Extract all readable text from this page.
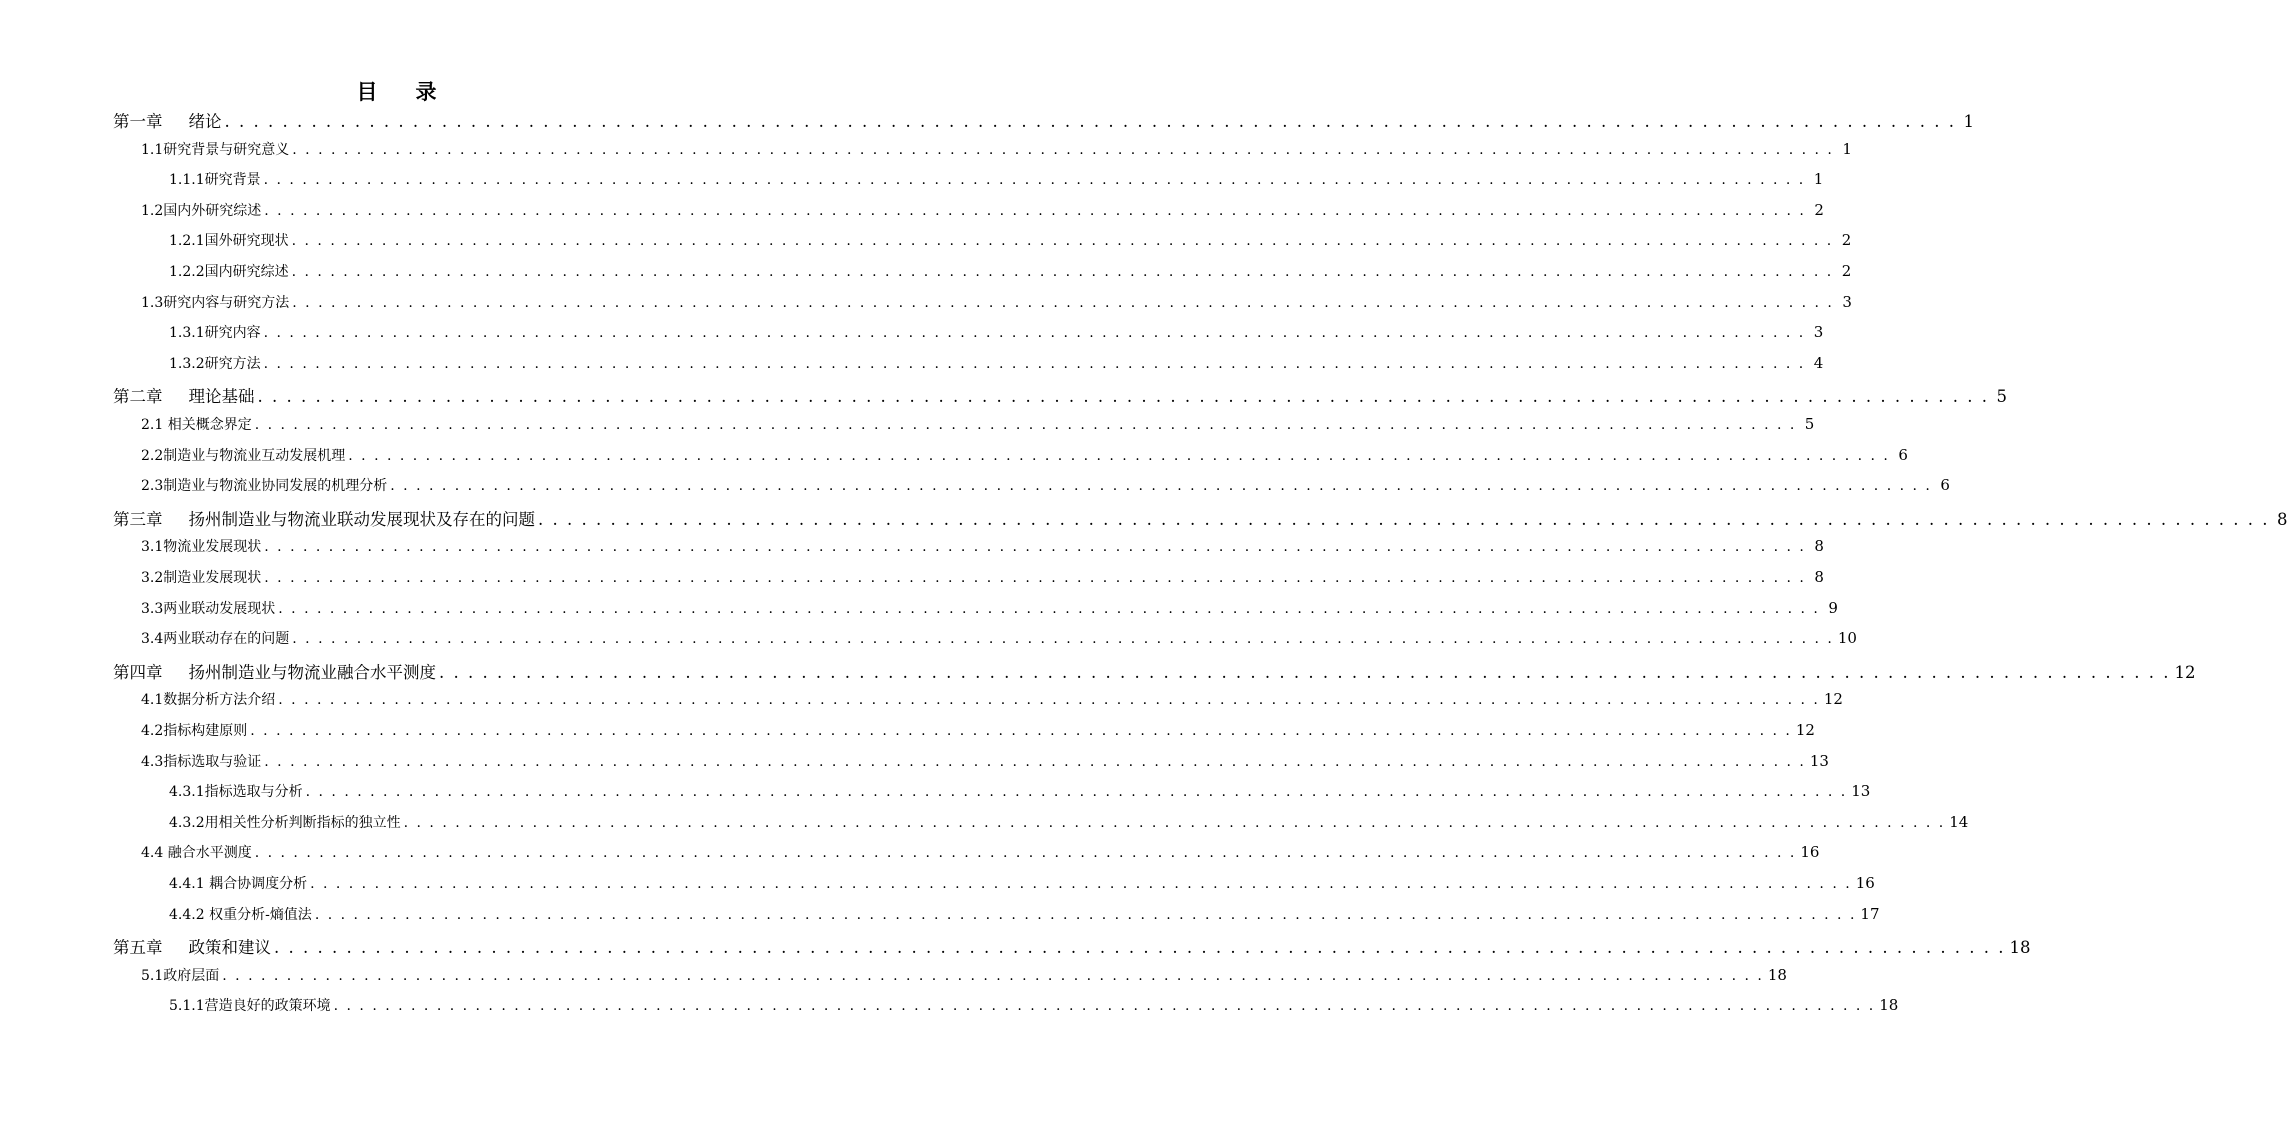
目 录
第一章 绪论 . . . . . . . . . . . . . . . . . . . . . . . . . . . . . . . . . . . . . . . . . . . . . . . . . . . . . . . . . . . . . . . . . . . . . . . . . . . . . . . . . . . . . . . . . . . . . . . . . . . . . . . . . . . . . . . . . . . . . . . . 1
1.1研究背景与研究意义 . . . . . . . . . . . . . . . . . . . . . . . . . . . . . . . . . . . . . . . . . . . . . . . . . . . . . . . . . . . . . . . . . . . . . . . . . . . . . . . . . . . . . . . . . . . . . . . . . . . . . . . . . . . . . . . . . . . . . . . . 1
1.1.1研究背景 . . . . . . . . . . . . . . . . . . . . . . . . . . . . . . . . . . . . . . . . . . . . . . . . . . . . . . . . . . . . . . . . . . . . . . . . . . . . . . . . . . . . . . . . . . . . . . . . . . . . . . . . . . . . . . . . . . . . . . . . 1
1.2国内外研究综述 . . . . . . . . . . . . . . . . . . . . . . . . . . . . . . . . . . . . . . . . . . . . . . . . . . . . . . . . . . . . . . . . . . . . . . . . . . . . . . . . . . . . . . . . . . . . . . . . . . . . . . . . . . . . . . . . . . . . . . . . 2
1.2.1国外研究现状 . . . . . . . . . . . . . . . . . . . . . . . . . . . . . . . . . . . . . . . . . . . . . . . . . . . . . . . . . . . . . . . . . . . . . . . . . . . . . . . . . . . . . . . . . . . . . . . . . . . . . . . . . . . . . . . . . . . . . . . . 2
1.2.2国内研究综述 . . . . . . . . . . . . . . . . . . . . . . . . . . . . . . . . . . . . . . . . . . . . . . . . . . . . . . . . . . . . . . . . . . . . . . . . . . . . . . . . . . . . . . . . . . . . . . . . . . . . . . . . . . . . . . . . . . . . . . . . 2
1.3研究内容与研究方法 . . . . . . . . . . . . . . . . . . . . . . . . . . . . . . . . . . . . . . . . . . . . . . . . . . . . . . . . . . . . . . . . . . . . . . . . . . . . . . . . . . . . . . . . . . . . . . . . . . . . . . . . . . . . . . . . . . . . . . . . 3
1.3.1研究内容 . . . . . . . . . . . . . . . . . . . . . . . . . . . . . . . . . . . . . . . . . . . . . . . . . . . . . . . . . . . . . . . . . . . . . . . . . . . . . . . . . . . . . . . . . . . . . . . . . . . . . . . . . . . . . . . . . . . . . . . . 3
1.3.2研究方法 . . . . . . . . . . . . . . . . . . . . . . . . . . . . . . . . . . . . . . . . . . . . . . . . . . . . . . . . . . . . . . . . . . . . . . . . . . . . . . . . . . . . . . . . . . . . . . . . . . . . . . . . . . . . . . . . . . . . . . . . 4
第二章 理论基础 . . . . . . . . . . . . . . . . . . . . . . . . . . . . . . . . . . . . . . . . . . . . . . . . . . . . . . . . . . . . . . . . . . . . . . . . . . . . . . . . . . . . . . . . . . . . . . . . . . . . . . . . . . . . . . . . . . . . . . . . 5
2.1 相关概念界定 . . . . . . . . . . . . . . . . . . . . . . . . . . . . . . . . . . . . . . . . . . . . . . . . . . . . . . . . . . . . . . . . . . . . . . . . . . . . . . . . . . . . . . . . . . . . . . . . . . . . . . . . . . . . . . . . . . . . . . . . 5
2.2制造业与物流业互动发展机理 . . . . . . . . . . . . . . . . . . . . . . . . . . . . . . . . . . . . . . . . . . . . . . . . . . . . . . . . . . . . . . . . . . . . . . . . . . . . . . . . . . . . . . . . . . . . . . . . . . . . . . . . . . . . . . . . . . . . . . . . 6
2.3制造业与物流业协同发展的机理分析 . . . . . . . . . . . . . . . . . . . . . . . . . . . . . . . . . . . . . . . . . . . . . . . . . . . . . . . . . . . . . . . . . . . . . . . . . . . . . . . . . . . . . . . . . . . . . . . . . . . . . . . . . . . . . . . . . . . . . . . . 6
第三章 扬州制造业与物流业联动发展现状及存在的问题 . . . . . . . . . . . . . . . . . . . . . . . . . . . . . . . . . . . . . . . . . . . . . . . . . . . . . . . . . . . . . . . . . . . . . . . . . . . . . . . . . . . . . . . . . . . . . . . . . . . . . . . . . . . . . . . . . . . . . . . . 8
3.1物流业发展现状 . . . . . . . . . . . . . . . . . . . . . . . . . . . . . . . . . . . . . . . . . . . . . . . . . . . . . . . . . . . . . . . . . . . . . . . . . . . . . . . . . . . . . . . . . . . . . . . . . . . . . . . . . . . . . . . . . . . . . . . . 8
3.2制造业发展现状 . . . . . . . . . . . . . . . . . . . . . . . . . . . . . . . . . . . . . . . . . . . . . . . . . . . . . . . . . . . . . . . . . . . . . . . . . . . . . . . . . . . . . . . . . . . . . . . . . . . . . . . . . . . . . . . . . . . . . . . . 8
3.3两业联动发展现状 . . . . . . . . . . . . . . . . . . . . . . . . . . . . . . . . . . . . . . . . . . . . . . . . . . . . . . . . . . . . . . . . . . . . . . . . . . . . . . . . . . . . . . . . . . . . . . . . . . . . . . . . . . . . . . . . . . . . . . . . 9
3.4两业联动存在的问题 . . . . . . . . . . . . . . . . . . . . . . . . . . . . . . . . . . . . . . . . . . . . . . . . . . . . . . . . . . . . . . . . . . . . . . . . . . . . . . . . . . . . . . . . . . . . . . . . . . . . . . . . . . . . . . . . . . . . . . . . 10
第四章 扬州制造业与物流业融合水平测度 . . . . . . . . . . . . . . . . . . . . . . . . . . . . . . . . . . . . . . . . . . . . . . . . . . . . . . . . . . . . . . . . . . . . . . . . . . . . . . . . . . . . . . . . . . . . . . . . . . . . . . . . . . . . . . . . . . . . . . . . 12
4.1数据分析方法介绍 . . . . . . . . . . . . . . . . . . . . . . . . . . . . . . . . . . . . . . . . . . . . . . . . . . . . . . . . . . . . . . . . . . . . . . . . . . . . . . . . . . . . . . . . . . . . . . . . . . . . . . . . . . . . . . . . . . . . . . . . 12
4.2指标构建原则 . . . . . . . . . . . . . . . . . . . . . . . . . . . . . . . . . . . . . . . . . . . . . . . . . . . . . . . . . . . . . . . . . . . . . . . . . . . . . . . . . . . . . . . . . . . . . . . . . . . . . . . . . . . . . . . . . . . . . . . . 12
4.3指标选取与验证 . . . . . . . . . . . . . . . . . . . . . . . . . . . . . . . . . . . . . . . . . . . . . . . . . . . . . . . . . . . . . . . . . . . . . . . . . . . . . . . . . . . . . . . . . . . . . . . . . . . . . . . . . . . . . . . . . . . . . . . . 13
4.3.1指标选取与分析 . . . . . . . . . . . . . . . . . . . . . . . . . . . . . . . . . . . . . . . . . . . . . . . . . . . . . . . . . . . . . . . . . . . . . . . . . . . . . . . . . . . . . . . . . . . . . . . . . . . . . . . . . . . . . . . . . . . . . . . . 13
4.3.2用相关性分析判断指标的独立性 . . . . . . . . . . . . . . . . . . . . . . . . . . . . . . . . . . . . . . . . . . . . . . . . . . . . . . . . . . . . . . . . . . . . . . . . . . . . . . . . . . . . . . . . . . . . . . . . . . . . . . . . . . . . . . . . . . . . . . . . 14
4.4 融合水平测度 . . . . . . . . . . . . . . . . . . . . . . . . . . . . . . . . . . . . . . . . . . . . . . . . . . . . . . . . . . . . . . . . . . . . . . . . . . . . . . . . . . . . . . . . . . . . . . . . . . . . . . . . . . . . . . . . . . . . . . . . 16
4.4.1 耦合协调度分析 . . . . . . . . . . . . . . . . . . . . . . . . . . . . . . . . . . . . . . . . . . . . . . . . . . . . . . . . . . . . . . . . . . . . . . . . . . . . . . . . . . . . . . . . . . . . . . . . . . . . . . . . . . . . . . . . . . . . . . . . 16
4.4.2 权重分析-熵值法 . . . . . . . . . . . . . . . . . . . . . . . . . . . . . . . . . . . . . . . . . . . . . . . . . . . . . . . . . . . . . . . . . . . . . . . . . . . . . . . . . . . . . . . . . . . . . . . . . . . . . . . . . . . . . . . . . . . . . . . . 17
第五章 政策和建议 . . . . . . . . . . . . . . . . . . . . . . . . . . . . . . . . . . . . . . . . . . . . . . . . . . . . . . . . . . . . . . . . . . . . . . . . . . . . . . . . . . . . . . . . . . . . . . . . . . . . . . . . . . . . . . . . . . . . . . . . 18
5.1政府层面 . . . . . . . . . . . . . . . . . . . . . . . . . . . . . . . . . . . . . . . . . . . . . . . . . . . . . . . . . . . . . . . . . . . . . . . . . . . . . . . . . . . . . . . . . . . . . . . . . . . . . . . . . . . . . . . . . . . . . . . . 18
5.1.1营造良好的政策环境 . . . . . . . . . . . . . . . . . . . . . . . . . . . . . . . . . . . . . . . . . . . . . . . . . . . . . . . . . . . . . . . . . . . . . . . . . . . . . . . . . . . . . . . . . . . . . . . . . . . . . . . . . . . . . . . . . . . . . . . . 18
